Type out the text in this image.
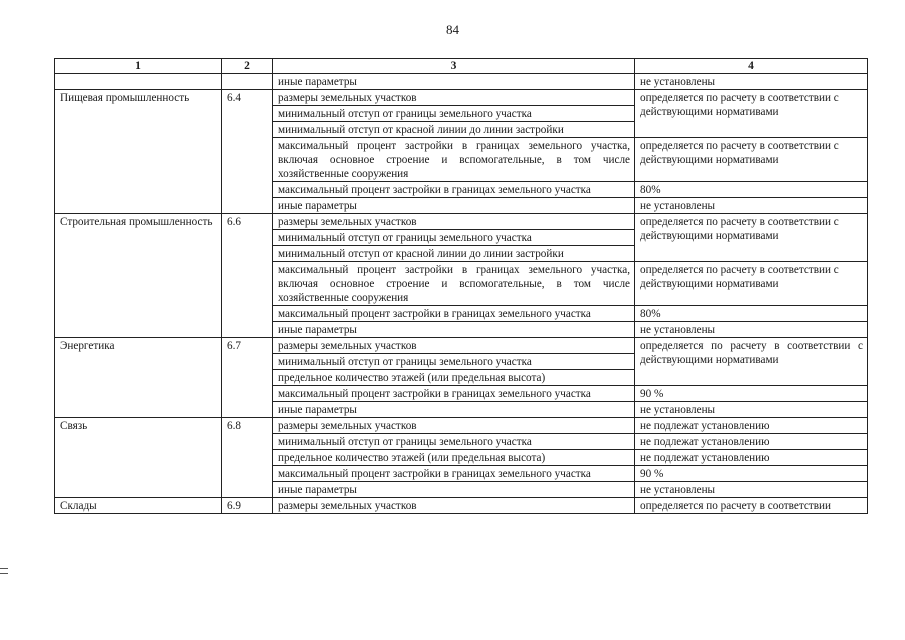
84
1	2	3	4
		иные параметры	не установлены
Пищевая промышленность	6.4	размеры земельных участков	определяется по расчету в соответствии с действующими нормативами
		минимальный отступ от границы земельного участка	
		минимальный отступ от красной линии до линии застройки	
		максимальный процент застройки в границах земельного участка, включая основное строение и вспомогательные, в том числе хозяйственные сооружения	определяется по расчету в соответствии с действующими нормативами
		максимальный процент застройки в границах земельного участка	80%
		иные параметры	не установлены
Строительная промышленность	6.6	размеры земельных участков	определяется по расчету в соответствии с действующими нормативами
		минимальный отступ от границы земельного участка	
		минимальный отступ от красной линии до линии застройки	
		максимальный процент застройки в границах земельного участка, включая основное строение и вспомогательные, в том числе хозяйственные сооружения	определяется по расчету в соответствии с действующими нормативами
		максимальный процент застройки в границах земельного участка	80%
		иные параметры	не установлены
Энергетика	6.7	размеры земельных участков	определяется по расчету в соответствии с действующими нормативами
		минимальный отступ от границы земельного участка	
		предельное количество этажей (или предельная высота)	
		максимальный процент застройки в границах земельного участка	90 %
		иные параметры	не установлены
Связь	6.8	размеры земельных участков	не подлежат установлению
		минимальный отступ от границы земельного участка	не подлежат установлению
		предельное количество этажей (или предельная высота)	не подлежат установлению
		максимальный процент застройки в границах земельного участка	90 %
		иные параметры	не установлены
Склады	6.9	размеры земельных участков	определяется по расчету в соответствии
